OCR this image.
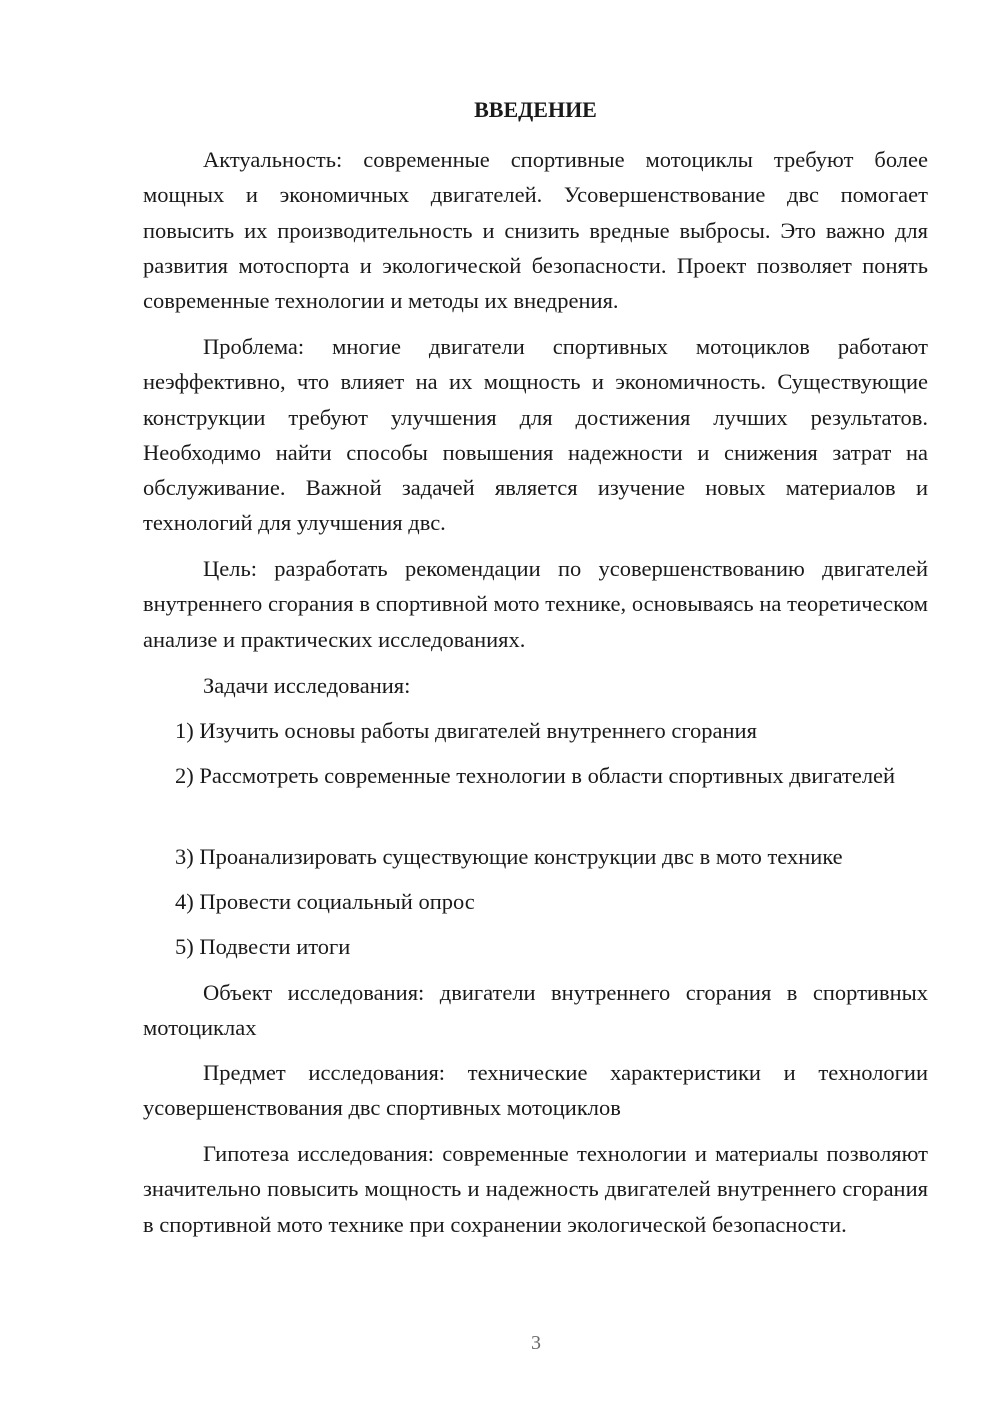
ВВЕДЕНИЕ

Актуальность: современные спортивные мотоциклы требуют более мощных и экономичных двигателей. Усовершенствование двс помогает повысить их производительность и снизить вредные выбросы. Это важно для развития мотоспорта и экологической безопасности. Проект позволяет понять современные технологии и методы их внедрения.

Проблема: многие двигатели спортивных мотоциклов работают неэффективно, что влияет на их мощность и экономичность. Существующие конструкции требуют улучшения для достижения лучших результатов. Необходимо найти способы повышения надежности и снижения затрат на обслуживание. Важной задачей является изучение новых материалов и технологий для улучшения двс.

Цель: разработать рекомендации по усовершенствованию двигателей внутреннего сгорания в спортивной мото технике, основываясь на теоретическом анализе и практических исследованиях.

Задачи исследования:

1) Изучить основы работы двигателей внутреннего сгорания

2) Рассмотреть современные технологии в области спортивных двигателей

3) Проанализировать существующие конструкции двс в мото технике

4) Провести социальный опрос

5) Подвести итоги

Объект исследования: двигатели внутреннего сгорания в спортивных мотоциклах

Предмет исследования: технические характеристики и технологии усовершенствования двс спортивных мотоциклов

Гипотеза исследования: современные технологии и материалы позволяют значительно повысить мощность и надежность двигателей внутреннего сгорания в спортивной мото технике при сохранении экологической безопасности.

3
